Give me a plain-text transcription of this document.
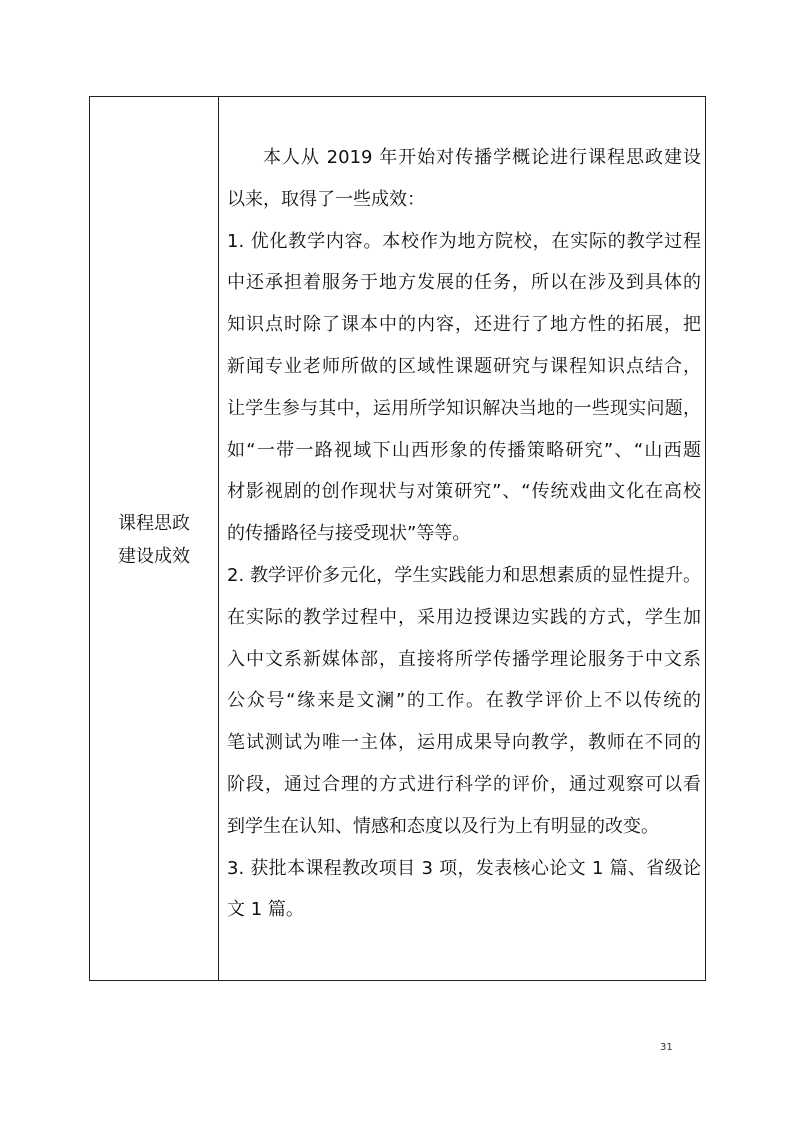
课程思政
建设成效
本人从 2019 年开始对传播学概论进行课程思政建设
以来，取得了一些成效：
1. 优化教学内容。本校作为地方院校，在实际的教学过程
中还承担着服务于地方发展的任务，所以在涉及到具体的
知识点时除了课本中的内容，还进行了地方性的拓展，把
新闻专业老师所做的区域性课题研究与课程知识点结合，
让学生参与其中，运用所学知识解决当地的一些现实问题，
如“一带一路视域下山西形象的传播策略研究”、“山西题
材影视剧的创作现状与对策研究”、“传统戏曲文化在高校
的传播路径与接受现状”等等。
2. 教学评价多元化，学生实践能力和思想素质的显性提升。
在实际的教学过程中，采用边授课边实践的方式，学生加
入中文系新媒体部，直接将所学传播学理论服务于中文系
公众号“缘来是文澜”的工作。在教学评价上不以传统的
笔试测试为唯一主体，运用成果导向教学，教师在不同的
阶段，通过合理的方式进行科学的评价，通过观察可以看
到学生在认知、情感和态度以及行为上有明显的改变。
3. 获批本课程教改项目 3 项，发表核心论文 1 篇、省级论
文 1 篇。
31
